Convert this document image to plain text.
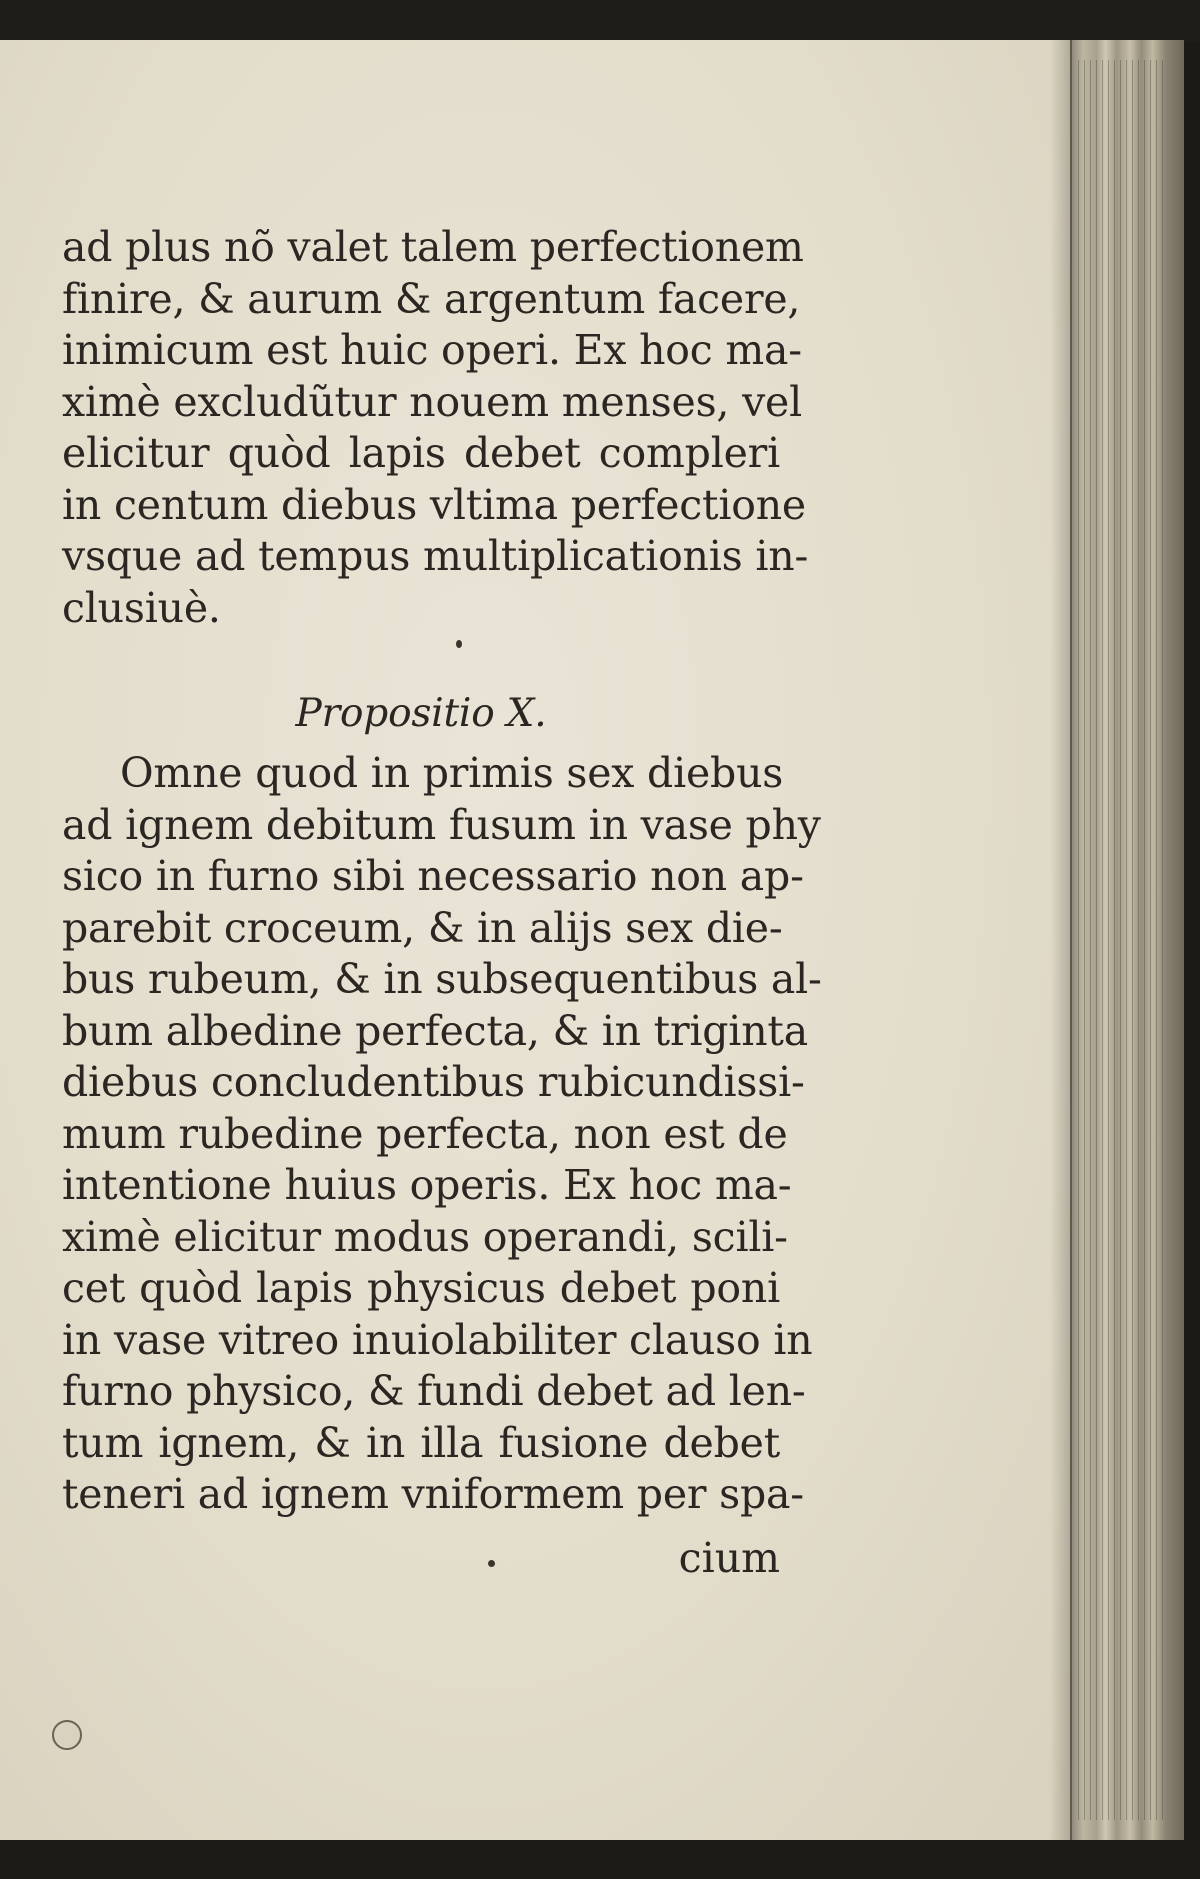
ad plus nõ valet talem perfectionem
finire, & aurum & argentum facere,
inimicum est huic operi. Ex hoc ma-
ximè excludũtur nouem menses, vel
elicitur quòd lapis debet compleri
in centum diebus vltima perfectione
vsque ad tempus multiplicationis in-
clusiuè.
Propositio X.
Omne quod in primis sex diebus
ad ignem debitum fusum in vase phy
sico in furno sibi necessario non ap-
parebit croceum, & in alijs sex die-
bus rubeum, & in subsequentibus al-
bum albedine perfecta, & in triginta
diebus concludentibus rubicundissi-
mum rubedine perfecta, non est de
intentione huius operis. Ex hoc ma-
ximè elicitur modus operandi, scili-
cet quòd lapis physicus debet poni
in vase vitreo inuiolabiliter clauso in
furno physico, & fundi debet ad len-
tum ignem, & in illa fusione debet
teneri ad ignem vniformem per spa-
cium
